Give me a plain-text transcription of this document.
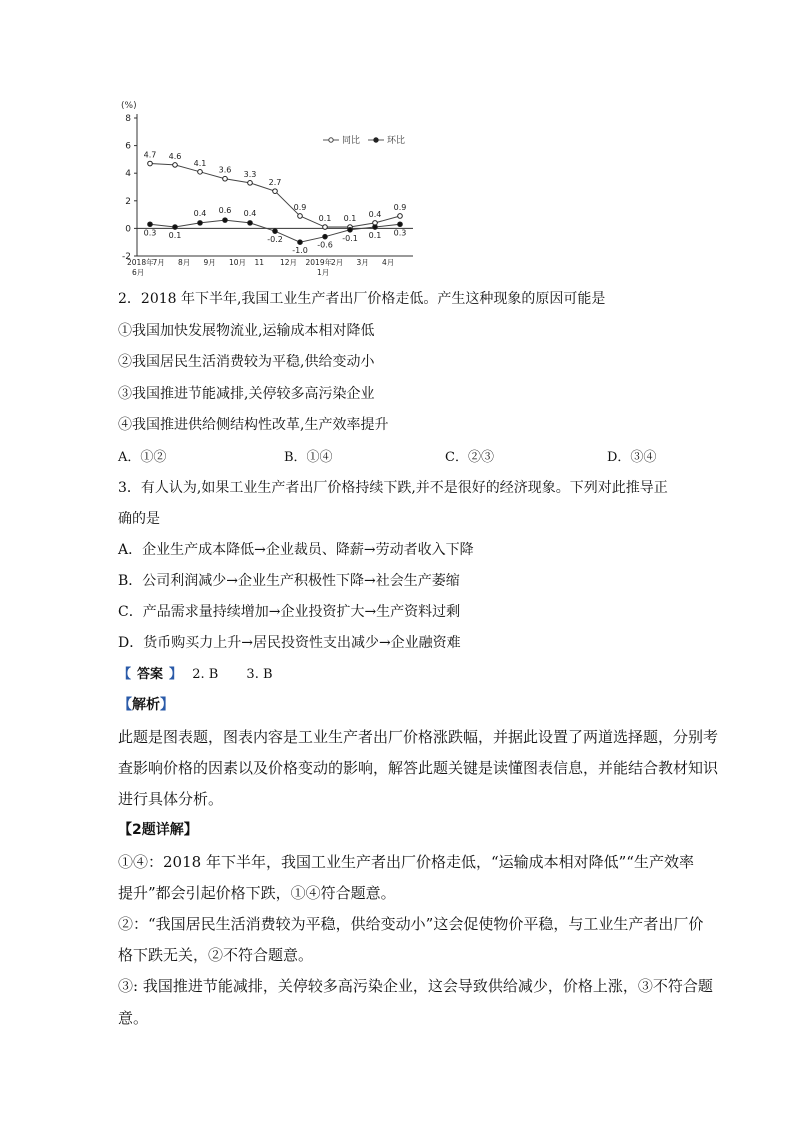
(%)
8
6
4
2
0
-2
2018年
7月 8月 9月 10月 11 12月 2019年
2月 3月 4月
6月	1月
同比	环比
4.7 4.6
4.1
3.6 3.3
2.7
0.9
0.1 0.1 0.4
0.9
0.3 0.1
0.4 0.6 0.4
-0.2
-1.0
-0.6
-0.1 0.1 0.3
2．2018 年下半年,我国工业生产者出厂价格走低。产生这种现象的原因可能是
①我国加快发展物流业,运输成本相对降低
②我国居民生活消费较为平稳,供给变动小
③我国推进节能减排,关停较多高污染企业
④我国推进供给侧结构性改革,生产效率提升
A．①②	B．①④	C．②③	D．③④
3．有人认为,如果工业生产者出厂价格持续下跌,并不是很好的经济现象。下列对此推导正
确的是
A．企业生产成本降低→企业裁员、降薪→劳动者收入下降
B．公司利润减少→企业生产积极性下降→社会生产萎缩
C．产品需求量持续增加→企业投资扩大→生产资料过剩
D．货币购买力上升→居民投资性支出减少→企业融资难
【 答案 】 2. B 3. B
【解析】
此题是图表题，图表内容是工业生产者出厂价格涨跌幅，并据此设置了两道选择题，分别考
查影响价格的因素以及价格变动的影响，解答此题关键是读懂图表信息，并能结合教材知识
进行具体分析。
【2题详解】
①④：2018 年下半年，我国工业生产者出厂价格走低，“运输成本相对降低”“生产效率
提升”都会引起价格下跌，①④符合题意。
②：“我国居民生活消费较为平稳，供给变动小”这会促使物价平稳，与工业生产者出厂价
格下跌无关，②不符合题意。
③: 我国推进节能减排，关停较多高污染企业，这会导致供给减少，价格上涨，③不符合题
意。
